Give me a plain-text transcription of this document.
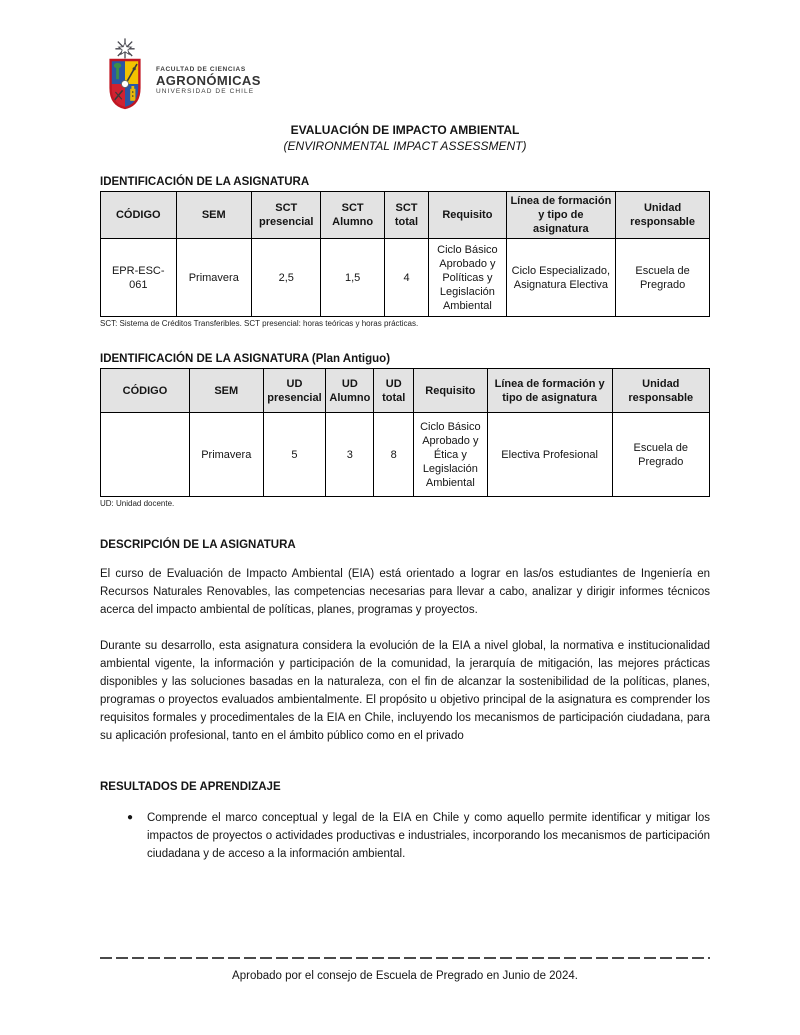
FACULTAD DE CIENCIAS
AGRONÓMICAS
UNIVERSIDAD DE CHILE
EVALUACIÓN DE IMPACTO AMBIENTAL
(ENVIRONMENTAL IMPACT ASSESSMENT)
IDENTIFICACIÓN DE LA ASIGNATURA
CÓDIGO	SEM	SCT presencial	SCT Alumno	SCT total	Requisito	Línea de formación y tipo de asignatura	Unidad responsable
EPR-ESC-061	Primavera	2,5	1,5	4	Ciclo Básico Aprobado y Políticas y Legislación Ambiental	Ciclo Especializado, Asignatura Electiva	Escuela de Pregrado
SCT: Sistema de Créditos Transferibles. SCT presencial: horas teóricas y horas prácticas.
IDENTIFICACIÓN DE LA ASIGNATURA (Plan Antiguo)
CÓDIGO	SEM	UD presencial	UD Alumno	UD total	Requisito	Línea de formación y tipo de asignatura	Unidad responsable
	Primavera	5	3	8	Ciclo Básico Aprobado y Ética y Legislación Ambiental	Electiva Profesional	Escuela de Pregrado
UD: Unidad docente.
DESCRIPCIÓN DE LA ASIGNATURA
El curso de Evaluación de Impacto Ambiental (EIA) está orientado a lograr en las/os estudiantes de Ingeniería en Recursos Naturales Renovables, las competencias necesarias para llevar a cabo, analizar y dirigir informes técnicos acerca del impacto ambiental de políticas, planes, programas y proyectos.
Durante su desarrollo, esta asignatura considera la evolución de la EIA a nivel global, la normativa e institucionalidad ambiental vigente, la información y participación de la comunidad, la jerarquía de mitigación, las mejores prácticas disponibles y las soluciones basadas en la naturaleza, con el fin de alcanzar la sostenibilidad de la políticas, planes, programas o proyectos evaluados ambientalmente. El propósito u objetivo principal de la asignatura es comprender los requisitos formales y procedimentales de la EIA en Chile, incluyendo los mecanismos de participación ciudadana, para su aplicación profesional, tanto en el ámbito público como en el privado
RESULTADOS DE APRENDIZAJE
●	Comprende el marco conceptual y legal de la EIA en Chile y como aquello permite identificar y mitigar los impactos de proyectos o actividades productivas e industriales, incorporando los mecanismos de participación ciudadana y de acceso a la información ambiental.
Aprobado por el consejo de Escuela de Pregrado en Junio de 2024.
